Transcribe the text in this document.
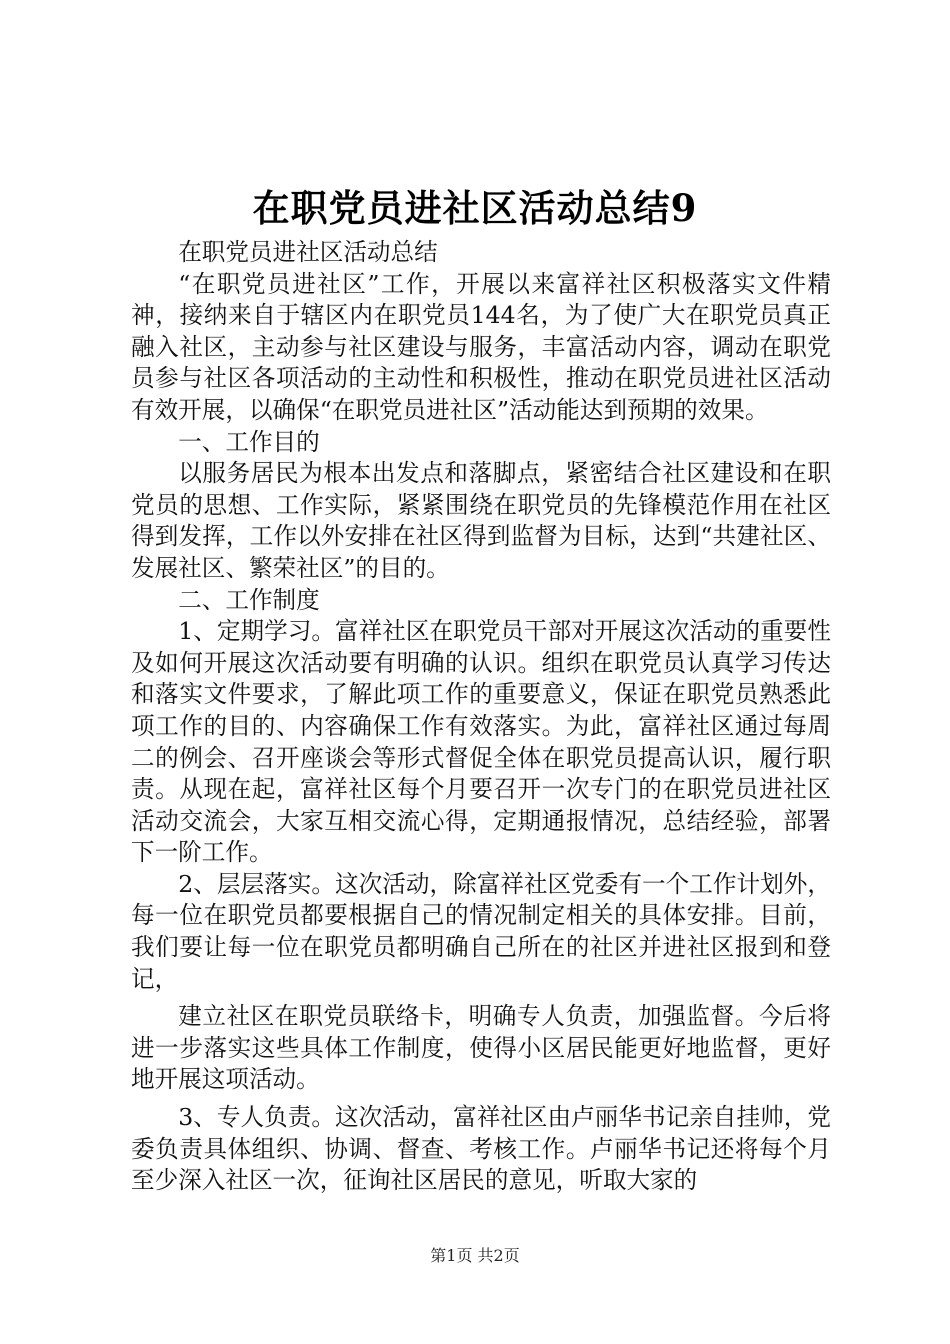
在职党员进社区活动总结9

在职党员进社区活动总结

“在职党员进社区”工作，开展以来富祥社区积极落实文件精神，接纳来自于辖区内在职党员144名，为了使广大在职党员真正融入社区，主动参与社区建设与服务，丰富活动内容，调动在职党员参与社区各项活动的主动性和积极性，推动在职党员进社区活动有效开展，以确保“在职党员进社区”活动能达到预期的效果。

一、工作目的

以服务居民为根本出发点和落脚点，紧密结合社区建设和在职党员的思想、工作实际，紧紧围绕在职党员的先锋模范作用在社区得到发挥，工作以外安排在社区得到监督为目标，达到“共建社区、发展社区、繁荣社区”的目的。

二、工作制度

1、定期学习。富祥社区在职党员干部对开展这次活动的重要性及如何开展这次活动要有明确的认识。组织在职党员认真学习传达和落实文件要求，了解此项工作的重要意义，保证在职党员熟悉此项工作的目的、内容确保工作有效落实。为此，富祥社区通过每周二的例会、召开座谈会等形式督促全体在职党员提高认识，履行职责。从现在起，富祥社区每个月要召开一次专门的在职党员进社区活动交流会，大家互相交流心得，定期通报情况，总结经验，部署下一阶工作。

2、层层落实。这次活动，除富祥社区党委有一个工作计划外，每一位在职党员都要根据自己的情况制定相关的具体安排。目前，我们要让每一位在职党员都明确自己所在的社区并进社区报到和登记，

建立社区在职党员联络卡，明确专人负责，加强监督。今后将进一步落实这些具体工作制度，使得小区居民能更好地监督，更好地开展这项活动。

3、专人负责。这次活动，富祥社区由卢丽华书记亲自挂帅，党委负责具体组织、协调、督查、考核工作。卢丽华书记还将每个月至少深入社区一次，征询社区居民的意见，听取大家的

第1页 共2页
